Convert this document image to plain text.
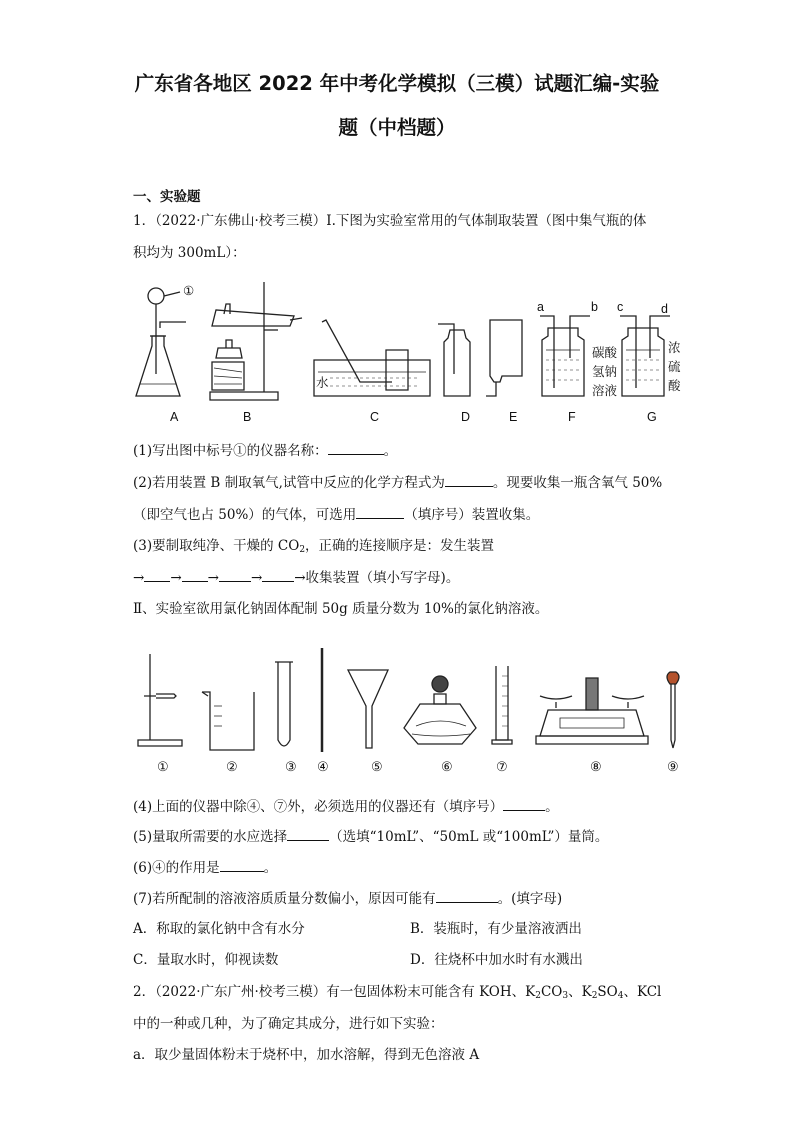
广东省各地区 2022 年中考化学模拟（三模）试题汇编-实验
题（中档题）
一、实验题
1．（2022·广东佛山·校考三模）Ⅰ.下图为实验室常用的气体制取装置（图中集气瓶的体
积均为 300mL）：
①
水
A	B	C	D	E	F	G
a	b c	d
碳酸
氢钠
溶液
浓
硫
酸
(1)写出图中标号①的仪器名称：	。
(2)若用装置 B 制取氧气,试管中反应的化学方程式为	。现要收集一瓶含氧气 50%
（即空气也占 50%）的气体，可选用	（填序号）装置收集。
(3)要制取纯净、干燥的 $CO_2$，正确的连接顺序是：发生装置
→ → → → →收集装置（填小写字母)。
Ⅱ、实验室欲用氯化钠固体配制 50g 质量分数为 10%的氯化钠溶液。
①	②	③ ④	⑤	⑥	⑦	⑧	⑨
(4)上面的仪器中除④、⑦外，必须选用的仪器还有（填序号）	。
(5)量取所需要的水应选择	（选填“10mL”、“50mL 或“100mL”）量筒。
(6)④的作用是	。
(7)若所配制的溶液溶质质量分数偏小，原因可能有	。(填字母)
A．称取的氯化钠中含有水分	B．装瓶时，有少量溶液洒出
C．量取水时，仰视读数	D．往烧杯中加水时有水溅出
2．（2022·广东广州·校考三模）有一包固体粉末可能含有 KOH、$K_2CO_3$、$K_2SO_4$、KCl
中的一种或几种，为了确定其成分，进行如下实验：
a．取少量固体粉末于烧杯中，加水溶解，得到无色溶液 A
